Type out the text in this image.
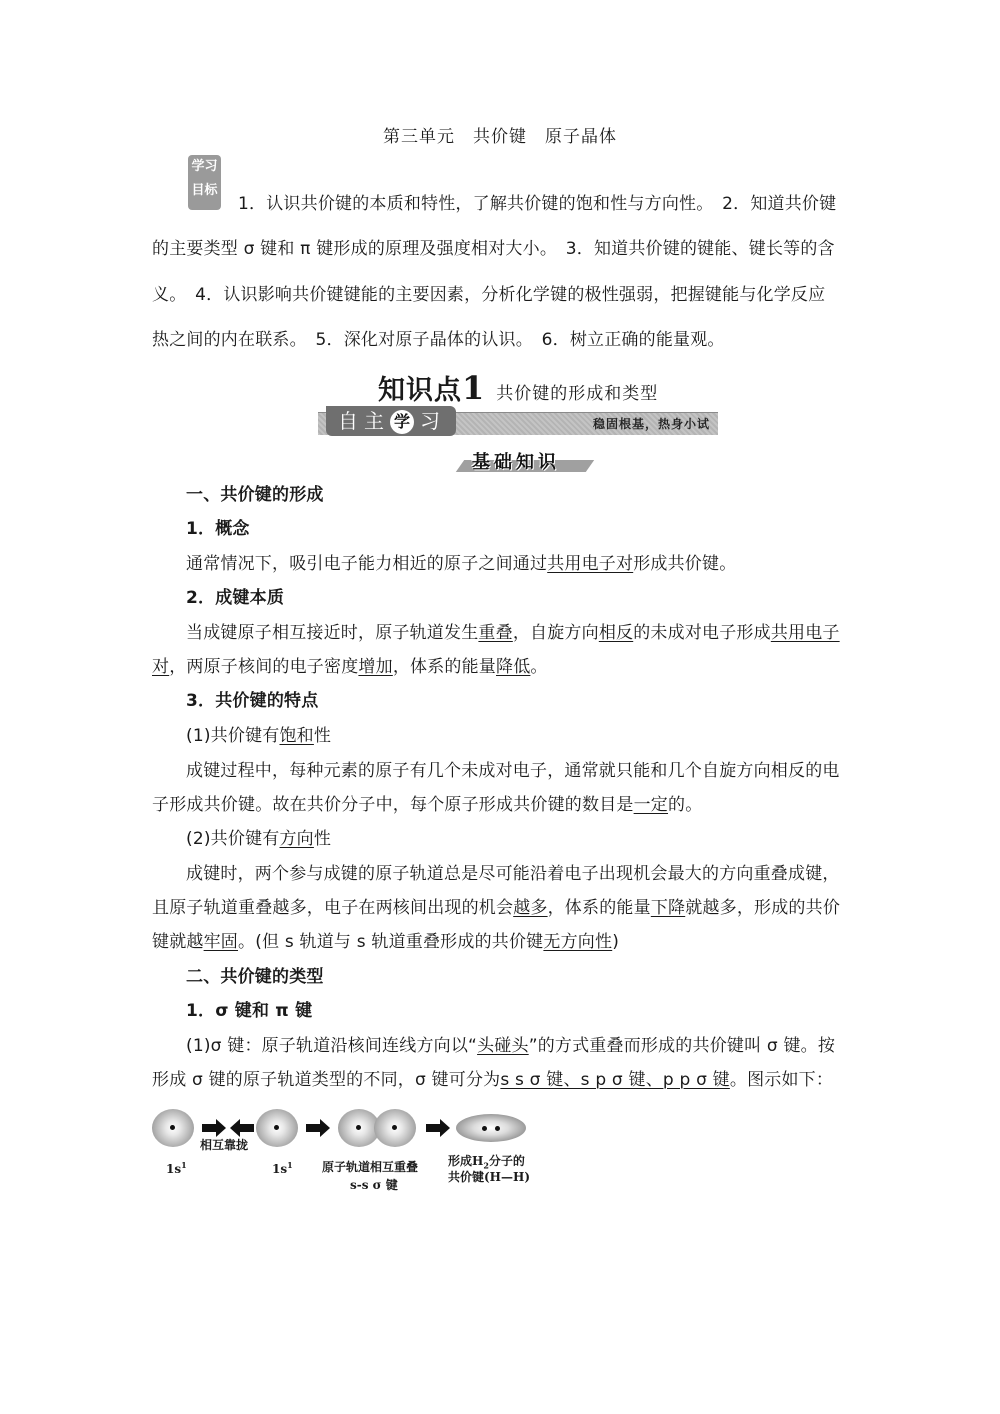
第三单元　共价键　原子晶体
学习
目标
1．认识共价键的本质和特性，了解共价键的饱和性与方向性。　2．知道共价键
的主要类型 σ 键和 π 键形成的原理及强度相对大小。　3．知道共价键的键能、键长等的含
义。　4．认识影响共价键键能的主要因素，分析化学键的极性强弱，把握键能与化学反应
热之间的内在联系。　5．深化对原子晶体的认识。　6．树立正确的能量观。
知识点1 共价键的形成和类型
自主 学 习	稳固根基，热身小试
基础知识
一、共价键的形成
1．概念
通常情况下，吸引电子能力相近的原子之间通过共用电子对形成共价键。
2．成键本质
当成键原子相互接近时，原子轨道发生重叠，自旋方向相反的未成对电子形成共用电子
对，两原子核间的电子密度增加，体系的能量降低。
3．共价键的特点
(1)共价键有饱和性
成键过程中，每种元素的原子有几个未成对电子，通常就只能和几个自旋方向相反的电
子形成共价键。故在共价分子中，每个原子形成共价键的数目是一定的。
(2)共价键有方向性
成键时，两个参与成键的原子轨道总是尽可能沿着电子出现机会最大的方向重叠成键，
且原子轨道重叠越多，电子在两核间出现的机会越多，体系的能量下降就越多，形成的共价
键就越牢固。(但 s 轨道与 s 轨道重叠形成的共价键无方向性)
二、共价键的类型
1．σ 键和 π 键
(1)σ 键：原子轨道沿核间连线方向以“头碰头”的方式重叠而形成的共价键叫 σ 键。按
形成 σ 键的原子轨道类型的不同，σ 键可分为s s σ 键、s p σ 键、p p σ 键。图示如下：
相互靠拢
$1s^1$	$1s^1$ 原子轨道相互重叠
s-s σ 键
形成$H_2$分子的
共价键(H—H)
